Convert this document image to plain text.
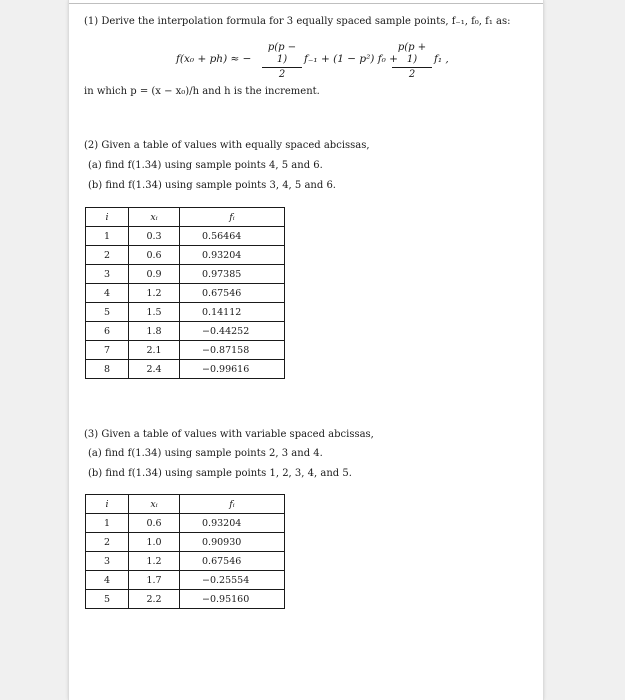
(1) Derive the interpolation formula for 3 equally spaced sample points, f₋₁, f₀, f₁ as:
f(x₀ + ph) ≈ −
p(p − 1)
2
f₋₁ + (1 − p²) f₀ +
p(p + 1)
2
f₁ ,
in which p = (x − x₀)/h and h is the increment.
(2) Given a table of values with equally spaced abcissas,
(a) find f(1.34) using sample points 4, 5 and 6.
(b) find f(1.34) using sample points 3, 4, 5 and 6.
i	xᵢ	fᵢ
1	0.3	0.56464
2	0.6	0.93204
3	0.9	0.97385
4	1.2	0.67546
5	1.5	0.14112
6	1.8	−0.44252
7	2.1	−0.87158
8	2.4	−0.99616
(3) Given a table of values with variable spaced abcissas,
(a) find f(1.34) using sample points 2, 3 and 4.
(b) find f(1.34) using sample points 1, 2, 3, 4, and 5.
i	xᵢ	fᵢ
1	0.6	0.93204
2	1.0	0.90930
3	1.2	0.67546
4	1.7	−0.25554
5	2.2	−0.95160
